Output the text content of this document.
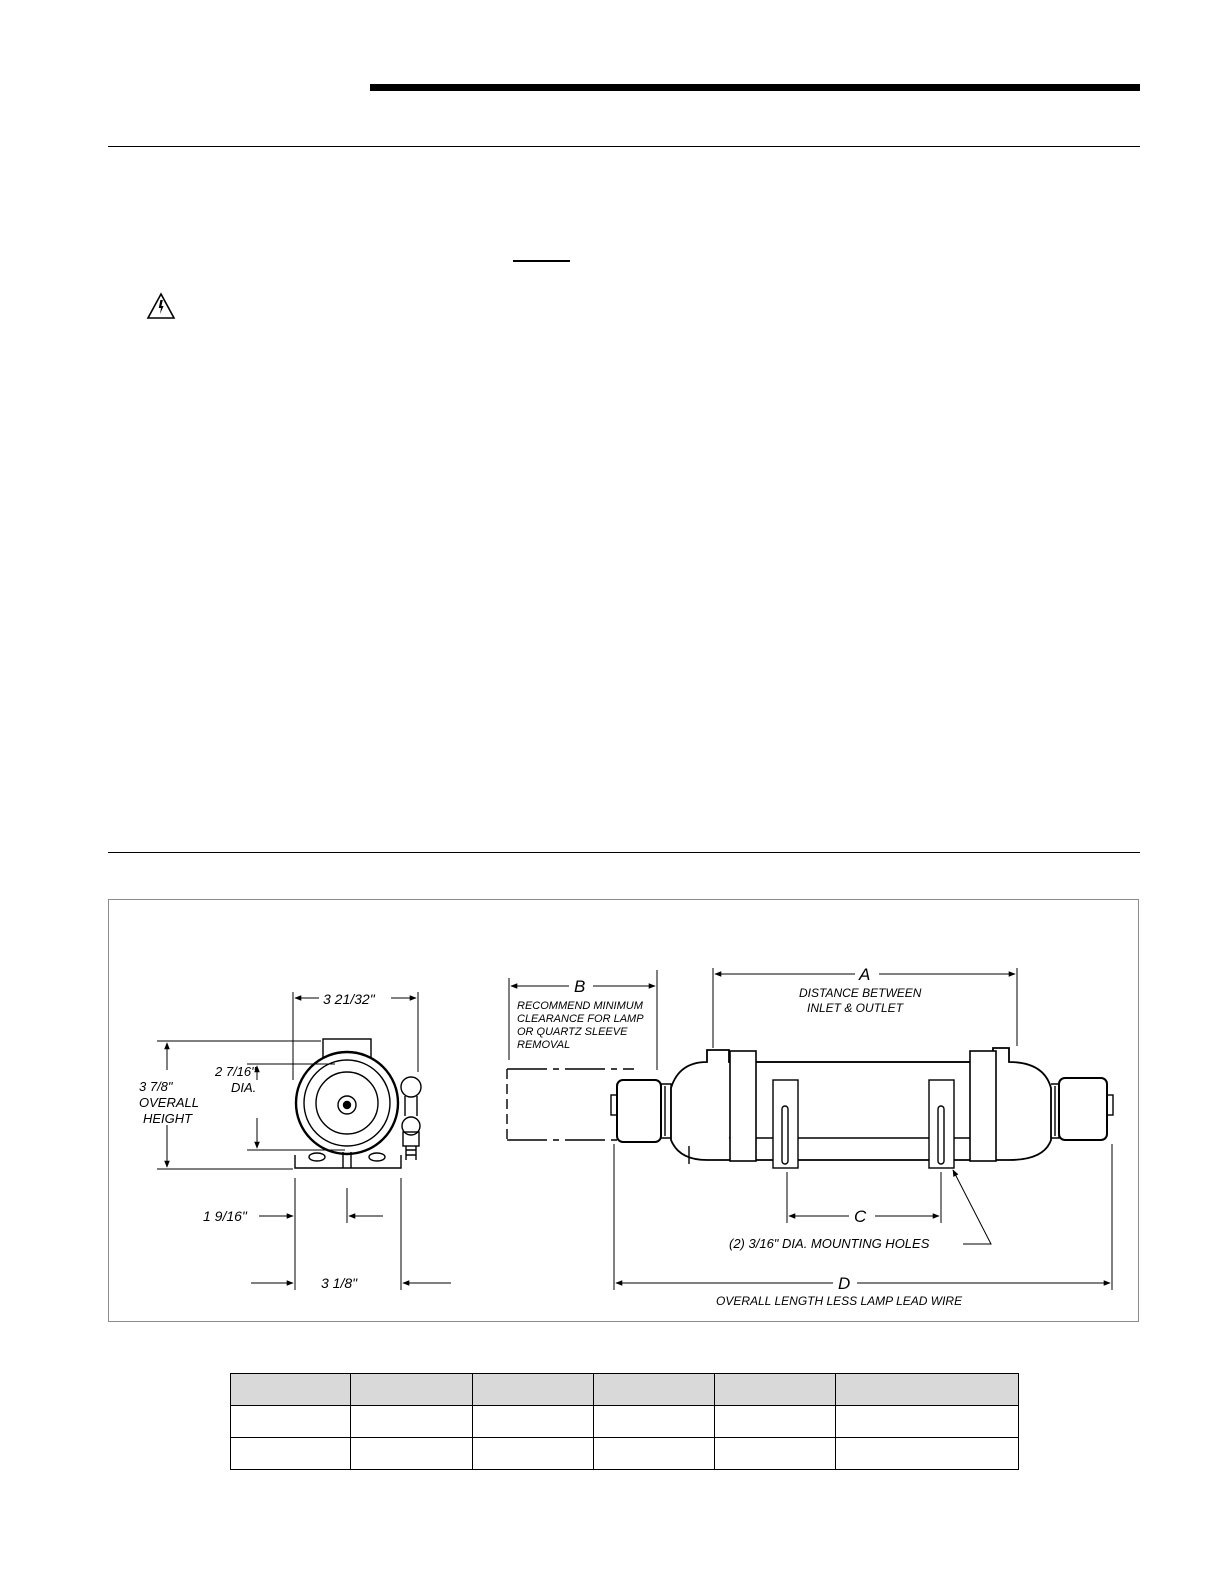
3 21/32"
3 7/8"
OVERALL
HEIGHT
2 7/16"
DIA.
1 9/16"
3 1/8"
A
DISTANCE BETWEEN
INLET & OUTLET
B
RECOMMEND MINIMUM
CLEARANCE FOR LAMP
OR QUARTZ SLEEVE
REMOVAL
C
(2) 3/16" DIA. MOUNTING HOLES
D
OVERALL LENGTH LESS LAMP LEAD WIRE
